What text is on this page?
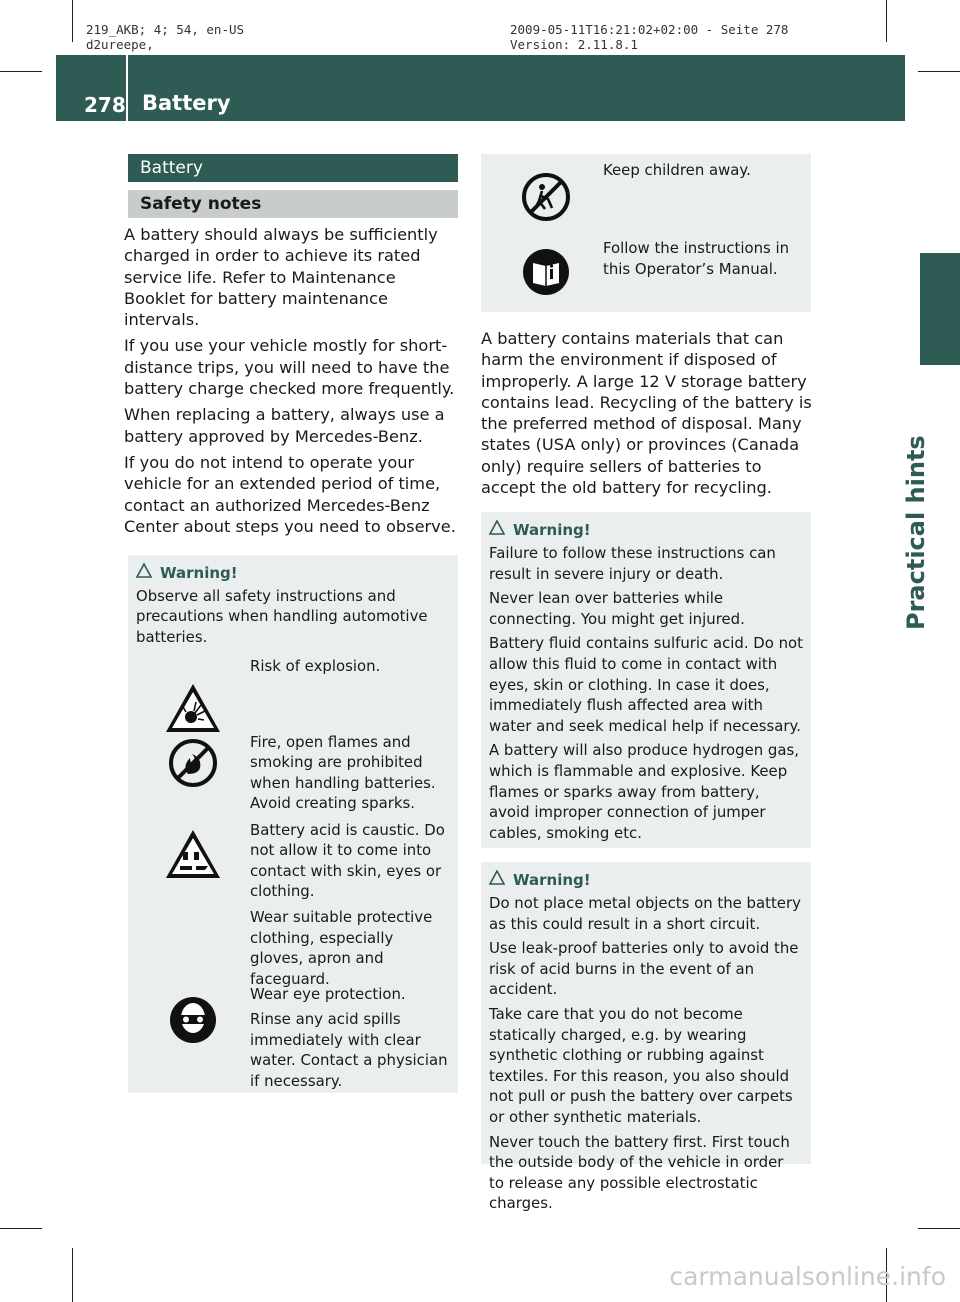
219_AKB; 4; 54, en-US
d2ureepe,
2009-05-11T16:21:02+02:00 - Seite 278
Version: 2.11.8.1
278 Battery
Practical hints
Battery
Safety notes

A battery should always be sufficiently charged in order to achieve its rated service life. Refer to Maintenance Booklet for battery maintenance intervals.

If you use your vehicle mostly for short-distance trips, you will need to have the battery charge checked more frequently.

When replacing a battery, always use a battery approved by Mercedes-Benz.

If you do not intend to operate your vehicle for an extended period of time, contact an authorized Mercedes-Benz Center about steps you need to observe.

Warning!

Observe all safety instructions and precautions when handling automotive batteries.

Risk of explosion.

Fire, open flames and smoking are prohibited when handling batteries. Avoid creating sparks.

Battery acid is caustic. Do not allow it to come into contact with skin, eyes or clothing.

Wear suitable protective clothing, especially gloves, apron and faceguard.

Wear eye protection.

Rinse any acid spills immediately with clear water. Contact a physician if necessary.

Keep children away.

Follow the instructions in this Operator’s Manual.

A battery contains materials that can harm the environment if disposed of improperly. A large 12 V storage battery contains lead. Recycling of the battery is the preferred method of disposal. Many states (USA only) or provinces (Canada only) require sellers of batteries to accept the old battery for recycling.

Warning!

Failure to follow these instructions can result in severe injury or death.

Never lean over batteries while connecting. You might get injured.

Battery fluid contains sulfuric acid. Do not allow this fluid to come in contact with eyes, skin or clothing. In case it does, immediately flush affected area with water and seek medical help if necessary.

A battery will also produce hydrogen gas, which is flammable and explosive. Keep flames or sparks away from battery, avoid improper connection of jumper cables, smoking etc.

Warning!

Do not place metal objects on the battery as this could result in a short circuit.

Use leak-proof batteries only to avoid the risk of acid burns in the event of an accident.

Take care that you do not become statically charged, e.g. by wearing synthetic clothing or rubbing against textiles. For this reason, you also should not pull or push the battery over carpets or other synthetic materials.

Never touch the battery first. First touch the outside body of the vehicle in order to release any possible electrostatic charges.

carmanualsonline.info
